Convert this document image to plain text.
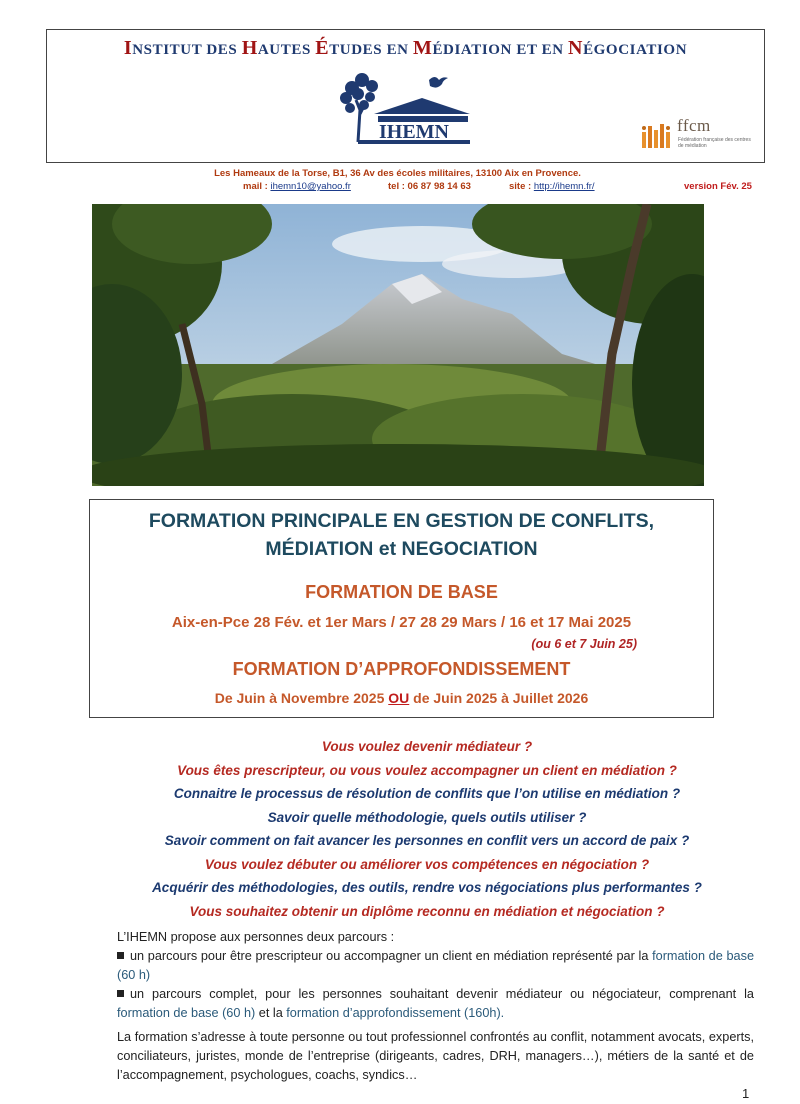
INSTITUT DES HAUTES ÉTUDES EN MÉDIATION ET EN NÉGOCIATION
IHEMN	ffcm
Fédération française des centres de médiation
Les Hameaux de la Torse, B1, 36 Av des écoles militaires, 13100 Aix en Provence.
mail : ihemn10@yahoo.fr	tel : 06 87 98 14 63	site : http://ihemn.fr/	version Fév. 25
FORMATION PRINCIPALE EN GESTION DE CONFLITS,
MÉDIATION et NEGOCIATION
FORMATION DE BASE
Aix-en-Pce 28 Fév. et 1er Mars / 27 28 29 Mars / 16 et 17 Mai 2025
(ou 6 et 7 Juin 25)
FORMATION D’APPROFONDISSEMENT
De Juin à Novembre 2025 OU de Juin 2025 à Juillet 2026
Vous voulez devenir médiateur ?
Vous êtes prescripteur, ou vous voulez accompagner un client en médiation ?
Connaitre le processus de résolution de conflits que l’on utilise en médiation ?
Savoir quelle méthodologie, quels outils utiliser ?
Savoir comment on fait avancer les personnes en conflit vers un accord de paix ?
Vous voulez débuter ou améliorer vos compétences en négociation ?
Acquérir des méthodologies, des outils, rendre vos négociations plus performantes ?
Vous souhaitez obtenir un diplôme reconnu en médiation et négociation ?

L’IHEMN propose aux personnes deux parcours :

un parcours pour être prescripteur ou accompagner un client en médiation représenté par la formation de base (60 h)

un parcours complet, pour les personnes souhaitant devenir médiateur ou négociateur, comprenant la formation de base (60 h) et la formation d’approfondissement (160h).

La formation s’adresse à toute personne ou tout professionnel confrontés au conflit, notamment avocats, experts, conciliateurs, juristes, monde de l’entreprise (dirigeants, cadres, DRH, managers…), métiers de la santé et de l’accompagnement, psychologues, coachs, syndics…

1
